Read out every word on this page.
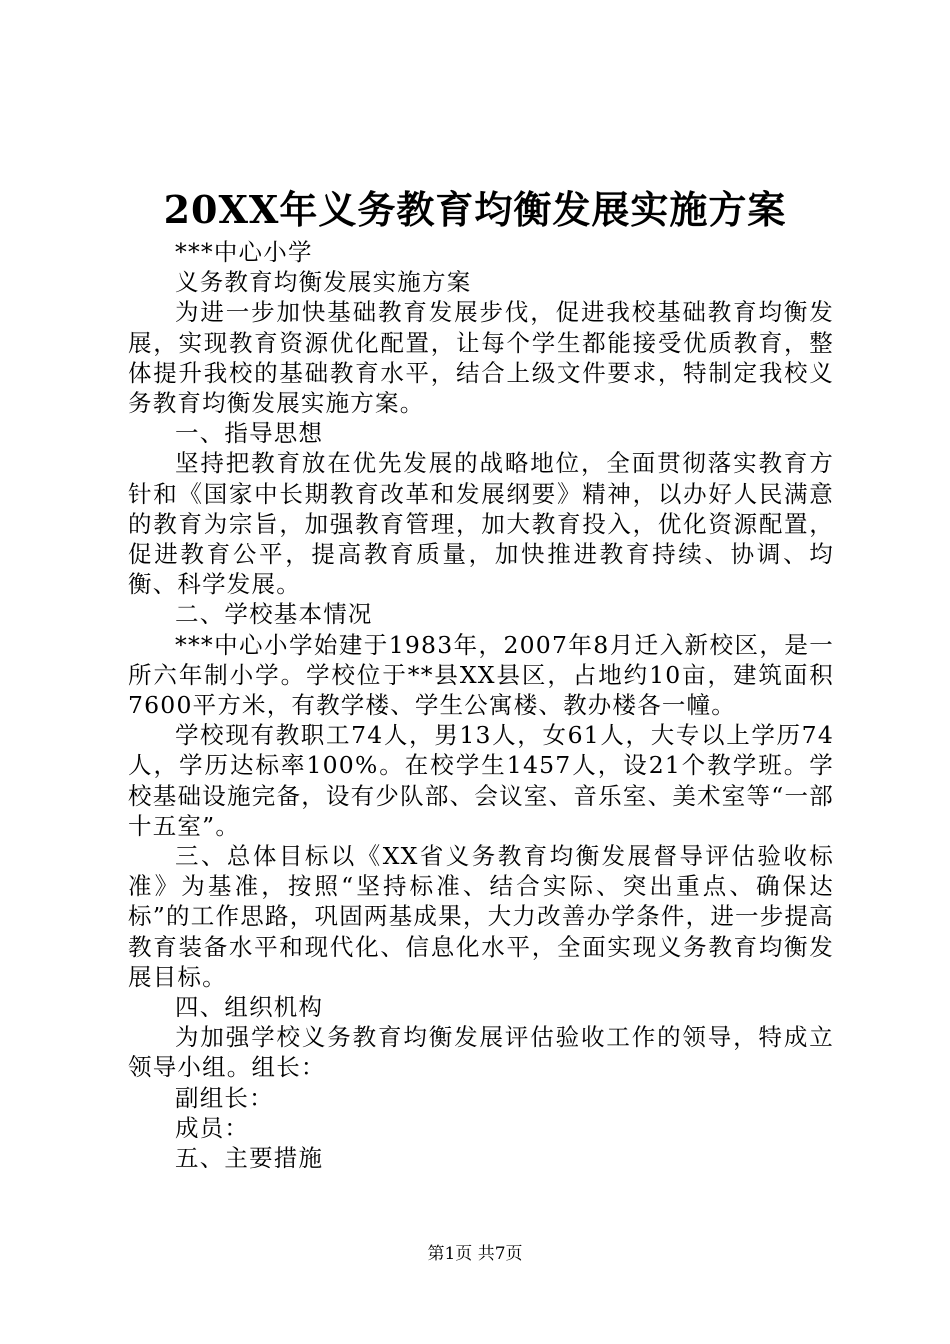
20XX年义务教育均衡发展实施方案

***中心小学

义务教育均衡发展实施方案

为进一步加快基础教育发展步伐，促进我校基础教育均衡发展，实现教育资源优化配置，让每个学生都能接受优质教育，整体提升我校的基础教育水平，结合上级文件要求，特制定我校义务教育均衡发展实施方案。

一、指导思想

坚持把教育放在优先发展的战略地位，全面贯彻落实教育方针和《国家中长期教育改革和发展纲要》精神，以办好人民满意的教育为宗旨，加强教育管理，加大教育投入，优化资源配置，促进教育公平，提高教育质量，加快推进教育持续、协调、均衡、科学发展。

二、学校基本情况

***中心小学始建于1983年，2007年8月迁入新校区，是一所六年制小学。学校位于**县XX县区，占地约10亩，建筑面积7600平方米，有教学楼、学生公寓楼、教办楼各一幢。

学校现有教职工74人，男13人，女61人，大专以上学历74人，学历达标率100%。在校学生1457人，设21个教学班。学校基础设施完备，设有少队部、会议室、音乐室、美术室等“一部十五室”。

三、总体目标以《XX省义务教育均衡发展督导评估验收标准》为基准，按照“坚持标准、结合实际、突出重点、确保达标”的工作思路，巩固两基成果，大力改善办学条件，进一步提高教育装备水平和现代化、信息化水平，全面实现义务教育均衡发展目标。

四、组织机构

为加强学校义务教育均衡发展评估验收工作的领导，特成立领导小组。组长：

副组长：

成员：

五、主要措施

第1页 共7页
